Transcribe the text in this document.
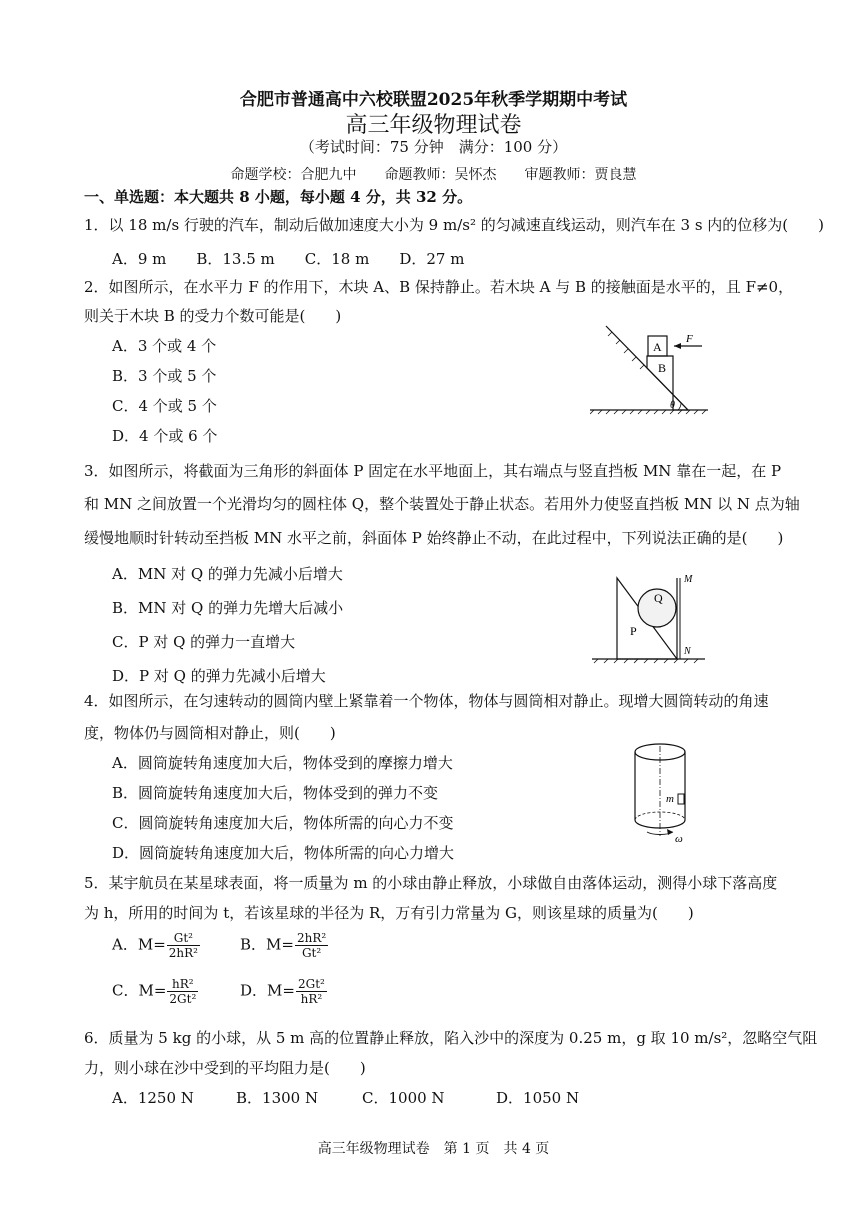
合肥市普通高中六校联盟2025年秋季学期期中考试
高三年级物理试卷
（考试时间：75 分钟　满分：100 分）
命题学校：合肥九中　　命题教师：吴怀杰　　审题教师：贾良慧
一、单选题：本大题共 8 小题，每小题 4 分，共 32 分。
1．以 18 m/s 行驶的汽车，制动后做加速度大小为 9 m/s² 的匀减速直线运动，则汽车在 3 s 内的位移为(　　)
A．9 m　　B．13.5 m　　C．18 m　　D．27 m
2．如图所示，在水平力 F 的作用下，木块 A、B 保持静止。若木块 A 与 B 的接触面是水平的，且 F≠0，
则关于木块 B 的受力个数可能是(　　)
A．3 个或 4 个
B．3 个或 5 个
C．4 个或 5 个
D．4 个或 6 个
A
B
F
θ
3．如图所示，将截面为三角形的斜面体 P 固定在水平地面上，其右端点与竖直挡板 MN 靠在一起，在 P
和 MN 之间放置一个光滑均匀的圆柱体 Q，整个装置处于静止状态。若用外力使竖直挡板 MN 以 N 点为轴
缓慢地顺时针转动至挡板 MN 水平之前，斜面体 P 始终静止不动，在此过程中，下列说法正确的是(　　)
A．MN 对 Q 的弹力先减小后增大
B．MN 对 Q 的弹力先增大后减小
C．P 对 Q 的弹力一直增大
D．P 对 Q 的弹力先减小后增大
Q
P
M
N
4．如图所示，在匀速转动的圆筒内壁上紧靠着一个物体，物体与圆筒相对静止。现增大圆筒转动的角速
度，物体仍与圆筒相对静止，则(　　)
A．圆筒旋转角速度加大后，物体受到的摩擦力增大
B．圆筒旋转角速度加大后，物体受到的弹力不变
C．圆筒旋转角速度加大后，物体所需的向心力不变
D．圆筒旋转角速度加大后，物体所需的向心力增大
m
ω
5．某宇航员在某星球表面，将一质量为 m 的小球由静止释放，小球做自由落体运动，测得小球下落高度
为 h，所用的时间为 t，若该星球的半径为 R，万有引力常量为 G，则该星球的质量为(　　)
A．$M= \frac{\text{Gt²}}{\text{2hR²}}$	B．$M= \frac{\text{2hR²}}{\text{Gt²}}$
C．$M= \frac{\text{hR²}}{\text{2Gt²}}$	D．$M= \frac{\text{2Gt²}}{\text{hR²}}$
6．质量为 5 kg 的小球，从 5 m 高的位置静止释放，陷入沙中的深度为 0.25 m，g 取 10 m/s²，忽略空气阻
力，则小球在沙中受到的平均阻力是(　　)
A．1250 N	B．1300 N	C．1000 N	D．1050 N
高三年级物理试卷　第 1 页　共 4 页
